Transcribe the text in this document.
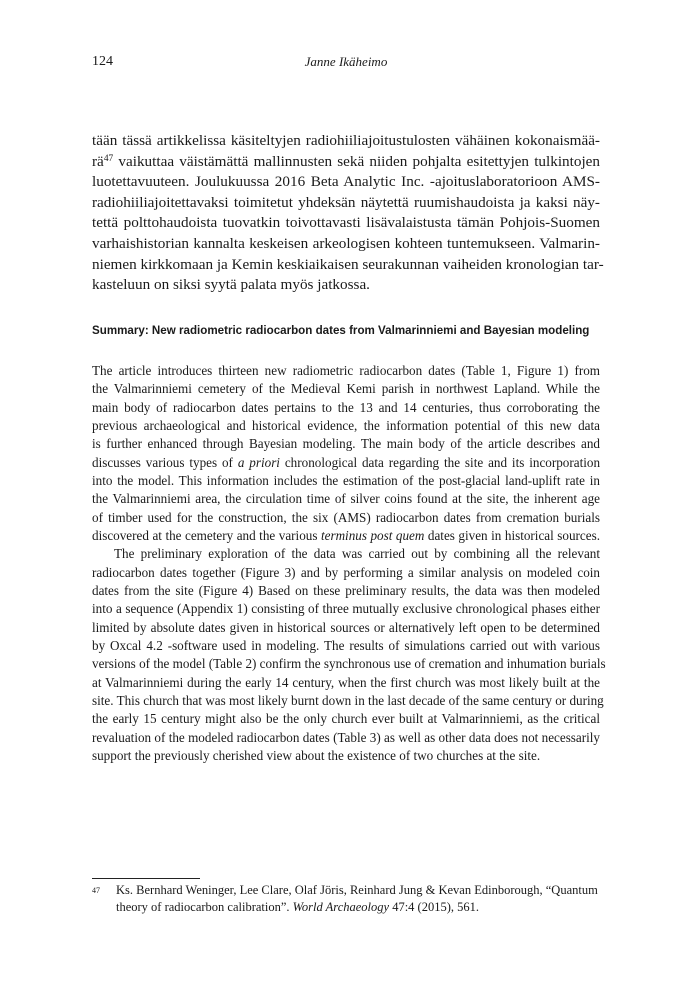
124	Janne Ikäheimo
tään tässä artikkelissa käsiteltyjen radiohiiliajoitustulosten vähäinen kokonaismää-
$rä^{47}$ vaikuttaa väistämättä mallinnusten sekä niiden pohjalta esitettyjen tulkintojen
luotettavuuteen. Joulukuussa 2016 Beta Analytic Inc. -ajoituslaboratorioon AMS-
radiohiiliajoitettavaksi toimitetut yhdeksän näytettä ruumishaudoista ja kaksi näy-
tettä polttohaudoista tuovatkin toivottavasti lisävalaistusta tämän Pohjois-Suomen
varhaishistorian kannalta keskeisen arkeologisen kohteen tuntemukseen. Valmarin-
niemen kirkkomaan ja Kemin keskiaikaisen seurakunnan vaiheiden kronologian tar-
kasteluun on siksi syytä palata myös jatkossa.
Summary: New radiometric radiocarbon dates from Valmarinniemi and Bayesian modeling
The article introduces thirteen new radiometric radiocarbon dates (Table 1, Figure 1) from
the Valmarinniemi cemetery of the Medieval Kemi parish in northwest Lapland. While the
main body of radiocarbon dates pertains to the 13 and 14 centuries, thus corroborating the
previous archaeological and historical evidence, the information potential of this new data
is further enhanced through Bayesian modeling. The main body of the article describes and
discusses various types of a priori chronological data regarding the site and its incorporation
into the model. This information includes the estimation of the post-glacial land-uplift rate in
the Valmarinniemi area, the circulation time of silver coins found at the site, the inherent age
of timber used for the construction, the six (AMS) radiocarbon dates from cremation burials
discovered at the cemetery and the various terminus post quem dates given in historical sources.
The preliminary exploration of the data was carried out by combining all the relevant
radiocarbon dates together (Figure 3) and by performing a similar analysis on modeled coin
dates from the site (Figure 4) Based on these preliminary results, the data was then modeled
into a sequence (Appendix 1) consisting of three mutually exclusive chronological phases either
limited by absolute dates given in historical sources or alternatively left open to be determined
by Oxcal 4.2 -software used in modeling. The results of simulations carried out with various
versions of the model (Table 2) confirm the synchronous use of cremation and inhumation burials
at Valmarinniemi during the early 14 century, when the first church was most likely built at the
site. This church that was most likely burnt down in the last decade of the same century or during
the early 15 century might also be the only church ever built at Valmarinniemi, as the critical
revaluation of the modeled radiocarbon dates (Table 3) as well as other data does not necessarily
support the previously cherished view about the existence of two churches at the site.
47 Ks. Bernhard Weninger, Lee Clare, Olaf Jöris, Reinhard Jung & Kevan Edinborough, “Quantum
theory of radiocarbon calibration”. World Archaeology 47:4 (2015), 561.
